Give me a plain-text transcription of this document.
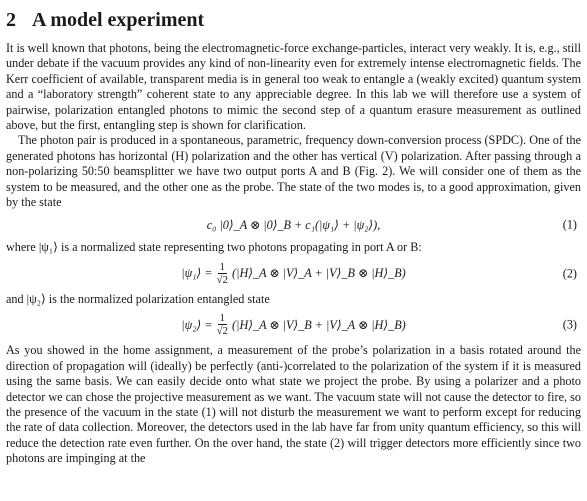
2 A model experiment

It is well known that photons, being the electromagnetic-force exchange-particles, interact very weakly. It is, e.g., still under debate if the vacuum provides any kind of non-linearity even for extremely intense electromagnetic fields. The Kerr coefficient of available, transparent media is in general too weak to entangle a (weakly excited) quantum system and a “laboratory strength” coherent state to any appreciable degree. In this lab we will therefore use a system of pairwise, polarization entangled photons to mimic the second step of a quantum erasure measurement as outlined above, but the first, entangling step is shown for clarification.

The photon pair is produced in a spontaneous, parametric, frequency down-conversion process (SPDC). One of the generated photons has horizontal (H) polarization and the other has vertical (V) polarization. After passing through a non-polarizing 50:50 beamsplitter we have two output ports A and B (Fig. 2). We will consider one of them as the system to be measured, and the other one as the probe. The state of the two modes is, to a good approximation, given by the state

c₀ |0⟩_A ⊗ |0⟩_B + c₁(|ψ₁⟩ + |ψ₂⟩),	(1)

where |ψ₁⟩ is a normalized state representing two photons propagating in port A or B:

|ψ₁⟩ = $\frac{1}{√2}$ (|H⟩_A ⊗ |V⟩_A + |V⟩_B ⊗ |H⟩_B)	(2)

and |ψ₂⟩ is the normalized polarization entangled state

|ψ₂⟩ = $\frac{1}{√2}$ (|H⟩_A ⊗ |V⟩_B + |V⟩_A ⊗ |H⟩_B)	(3)

As you showed in the home assignment, a measurement of the probe’s polarization in a basis rotated around the direction of propagation will (ideally) be perfectly (anti-)correlated to the polarization of the system if it is measured using the same basis. We can easily decide onto what state we project the probe. By using a polarizer and a photo detector we can chose the projective measurement as we want. The vacuum state will not cause the detector to fire, so the presence of the vacuum in the state (1) will not disturb the measurement we want to perform except for reducing the rate of data collection. Moreover, the detectors used in the lab have far from unity quantum efficiency, so this will reduce the detection rate even further. On the over hand, the state (2) will trigger detectors more efficiently since two photons are impinging at the
